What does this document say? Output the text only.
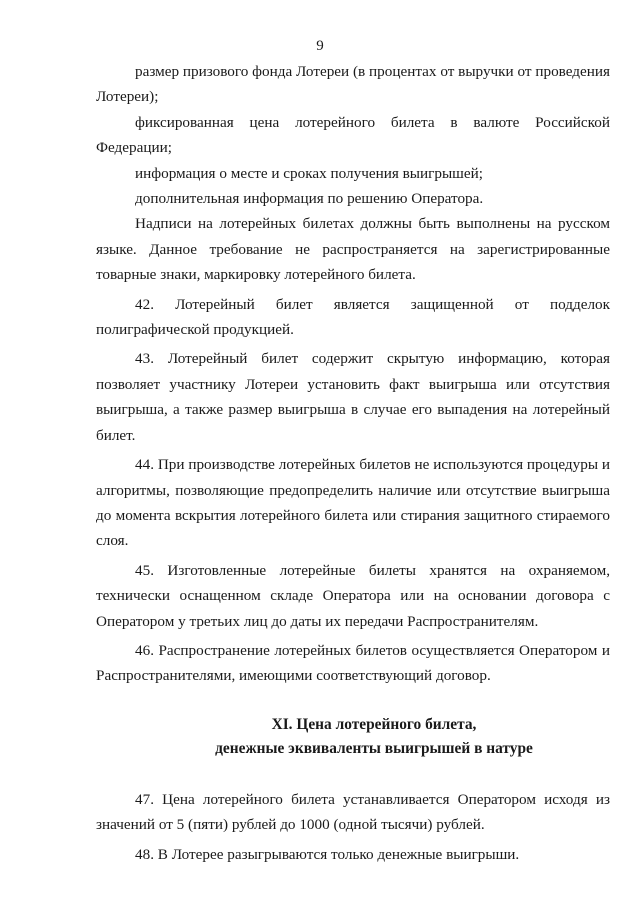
9

размер призового фонда Лотереи (в процентах от выручки от проведения Лотереи);

фиксированная цена лотерейного билета в валюте Российской Федерации;

информация о месте и сроках получения выигрышей;

дополнительная информация по решению Оператора.

Надписи на лотерейных билетах должны быть выполнены на русском языке. Данное требование не распространяется на зарегистрированные товарные знаки, маркировку лотерейного билета.

42. Лотерейный билет является защищенной от подделок полиграфической продукцией.

43. Лотерейный билет содержит скрытую информацию, которая позволяет участнику Лотереи установить факт выигрыша или отсутствия выигрыша, а также размер выигрыша в случае его выпадения на лотерейный билет.

44. При производстве лотерейных билетов не используются процедуры и алгоритмы, позволяющие предопределить наличие или отсутствие выигрыша до момента вскрытия лотерейного билета или стирания защитного стираемого слоя.

45. Изготовленные лотерейные билеты хранятся на охраняемом, технически оснащенном складе Оператора или на основании договора с Оператором у третьих лиц до даты их передачи Распространителям.

46. Распространение лотерейных билетов осуществляется Оператором и Распространителями, имеющими соответствующий договор.

XI. Цена лотерейного билета,
денежные эквиваленты выигрышей в натуре

47. Цена лотерейного билета устанавливается Оператором исходя из значений от 5 (пяти) рублей до 1000 (одной тысячи) рублей.

48. В Лотерее разыгрываются только денежные выигрыши.
